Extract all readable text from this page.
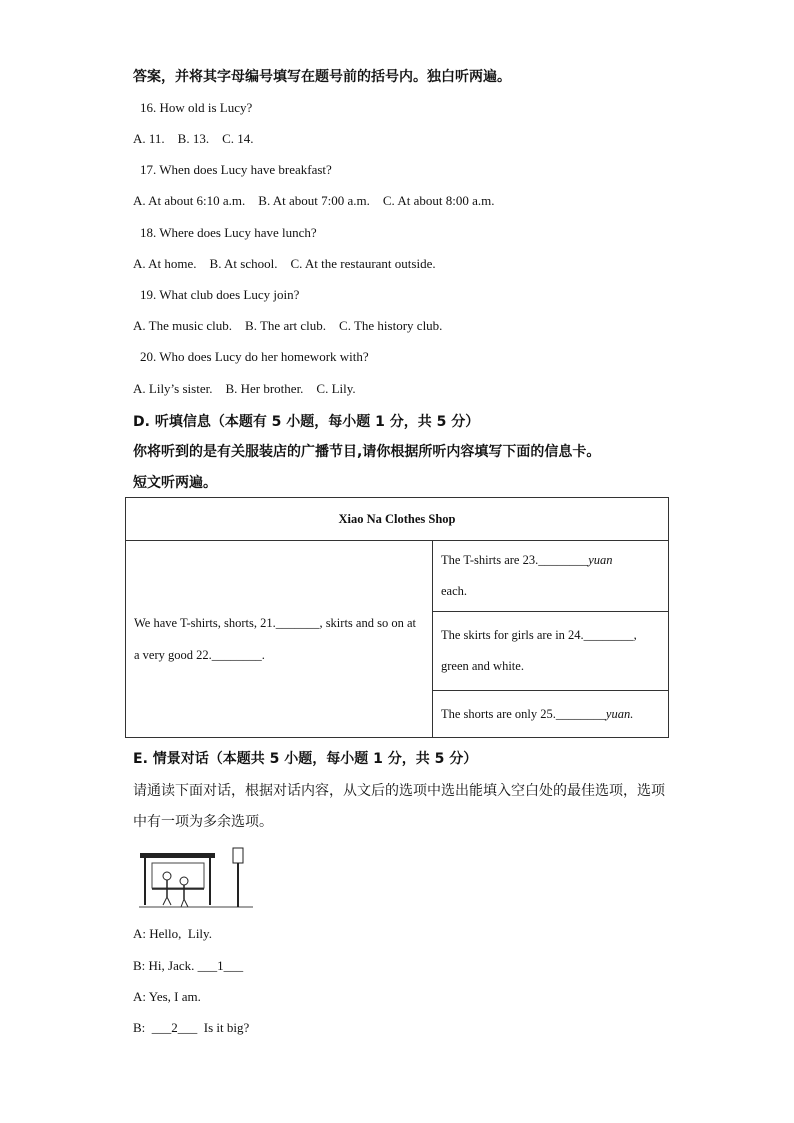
答案，并将其字母编号填写在题号前的括号内。独白听两遍。
16. How old is Lucy?
A. 11.    B. 13.    C. 14.
17. When does Lucy have breakfast?
A. At about 6:10 a.m.    B. At about 7:00 a.m.    C. At about 8:00 a.m.
18. Where does Lucy have lunch?
A. At home.    B. At school.    C. At the restaurant outside.
19. What club does Lucy join?
A. The music club.    B. The art club.    C. The history club.
20. Who does Lucy do her homework with?
A. Lily’s sister.    B. Her brother.    C. Lily.
D. 听填信息（本题有 5 小题，每小题 1 分，共 5 分）
你将听到的是有关服装店的广播节目,请你根据所听内容填写下面的信息卡。
短文听两遍。
Xiao Na Clothes Shop
We have T-shirts, shorts, 21._______, skirts and so on at a very good 22.________.	The T-shirts are 23.________yuan
each.
The skirts for girls are in 24.________, green and white.
The shorts are only 25.________yuan.
E. 情景对话（本题共 5 小题，每小题 1 分，共 5 分）
请通读下面对话，根据对话内容，从文后的选项中选出能填入空白处的最佳选项，选项
中有一项为多余选项。
A: Hello,  Lily.
B: Hi, Jack. ___1___
A: Yes, I am.
B: ___2___  Is it big?
